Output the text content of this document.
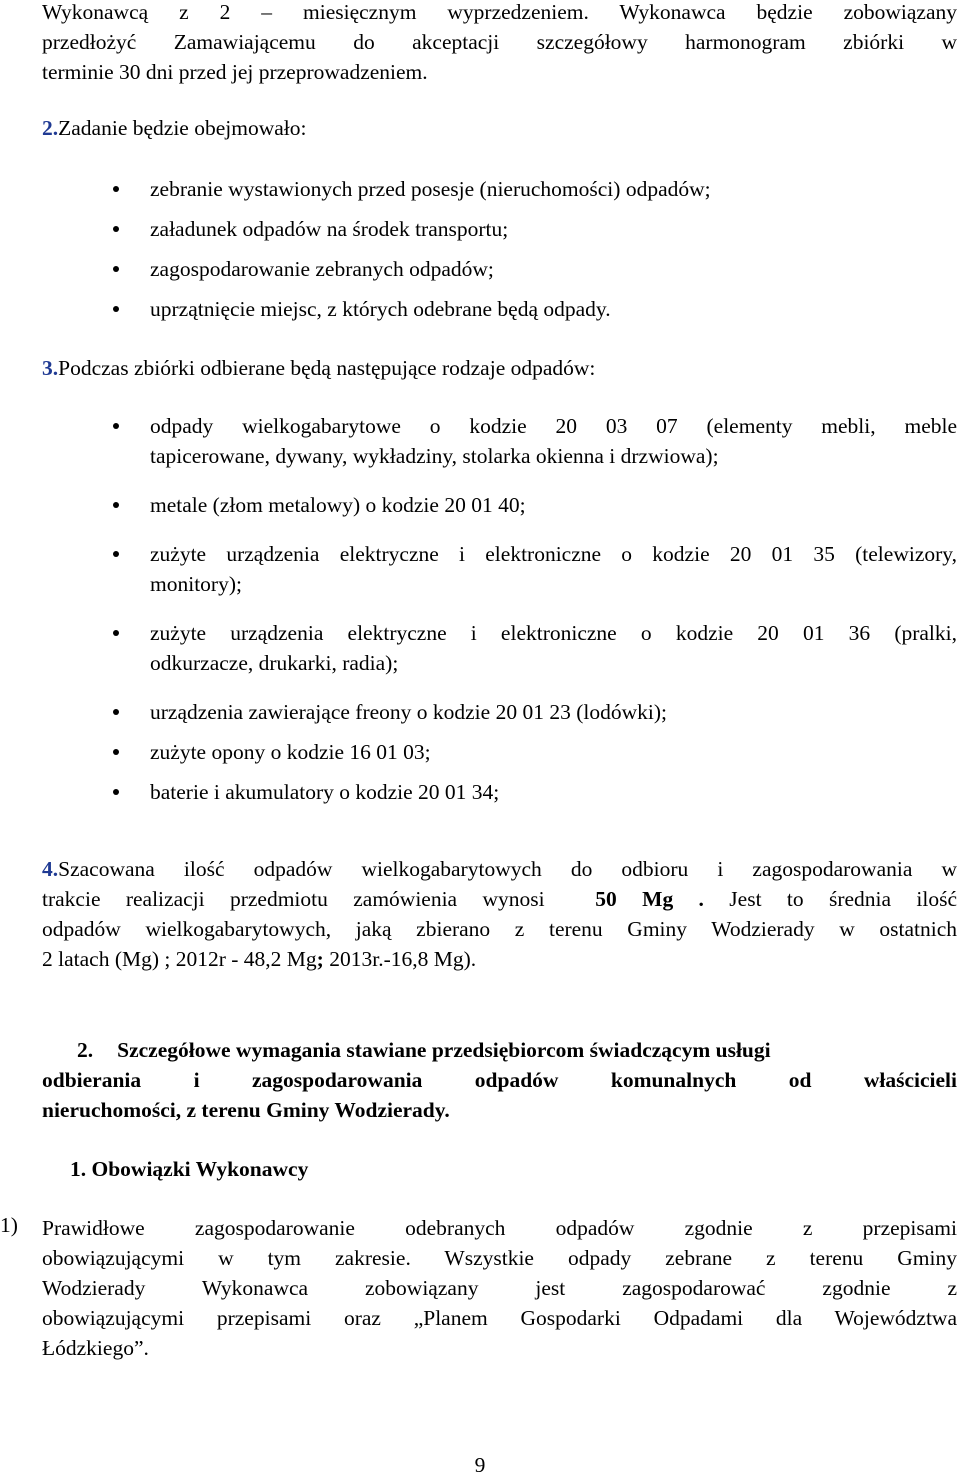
Wykonawcą z 2 – miesięcznym wyprzedzeniem. Wykonawca będzie zobowiązany

przedłożyć Zamawiającemu do akceptacji szczegółowy harmonogram zbiórki w

terminie 30 dni przed jej przeprowadzeniem.

2.Zadanie będzie obejmowało:

zebranie wystawionych przed posesje (nieruchomości) odpadów;
załadunek odpadów na środek transportu;
zagospodarowanie zebranych odpadów;
uprzątnięcie miejsc, z których odebrane będą odpady.

3.Podczas zbiórki odbierane będą następujące rodzaje odpadów:

odpady wielkogabarytowe o kodzie 20 03 07 (elementy mebli, meble
tapicerowane, dywany, wykładziny, stolarka okienna i drzwiowa);
metale (złom metalowy) o kodzie 20 01 40;
zużyte urządzenia elektryczne i elektroniczne o kodzie 20 01 35 (telewizory,
monitory);
zużyte urządzenia elektryczne i elektroniczne o kodzie 20 01 36 (pralki,
odkurzacze, drukarki, radia);
urządzenia zawierające freony o kodzie 20 01 23 (lodówki);
zużyte opony o kodzie 16 01 03;
baterie i akumulatory o kodzie 20 01 34;

4.Szacowana ilość odpadów wielkogabarytowych do odbioru i zagospodarowania w

trakcie realizacji przedmiotu zamówienia wynosi 50 Mg . Jest to średnia ilość

odpadów wielkogabarytowych, jaką zbierano z terenu Gminy Wodzierady w ostatnich

2 latach (Mg) ; 2012r - 48,2 Mg; 2013r.-16,8 Mg).

2. Szczegółowe wymagania stawiane przedsiębiorcom świadczącym usługi

odbierania i zagospodarowania odpadów komunalnych od właścicieli

nieruchomości, z terenu Gminy Wodzierady.

1. Obowiązki Wykonawcy

1) Prawidłowe zagospodarowanie odebranych odpadów zgodnie z przepisami

obowiązującymi w tym zakresie. Wszystkie odpady zebrane z terenu Gminy

Wodzierady Wykonawca zobowiązany jest zagospodarować zgodnie z

obowiązującymi przepisami oraz „Planem Gospodarki Odpadami dla Województwa

Łódzkiego”.

9
